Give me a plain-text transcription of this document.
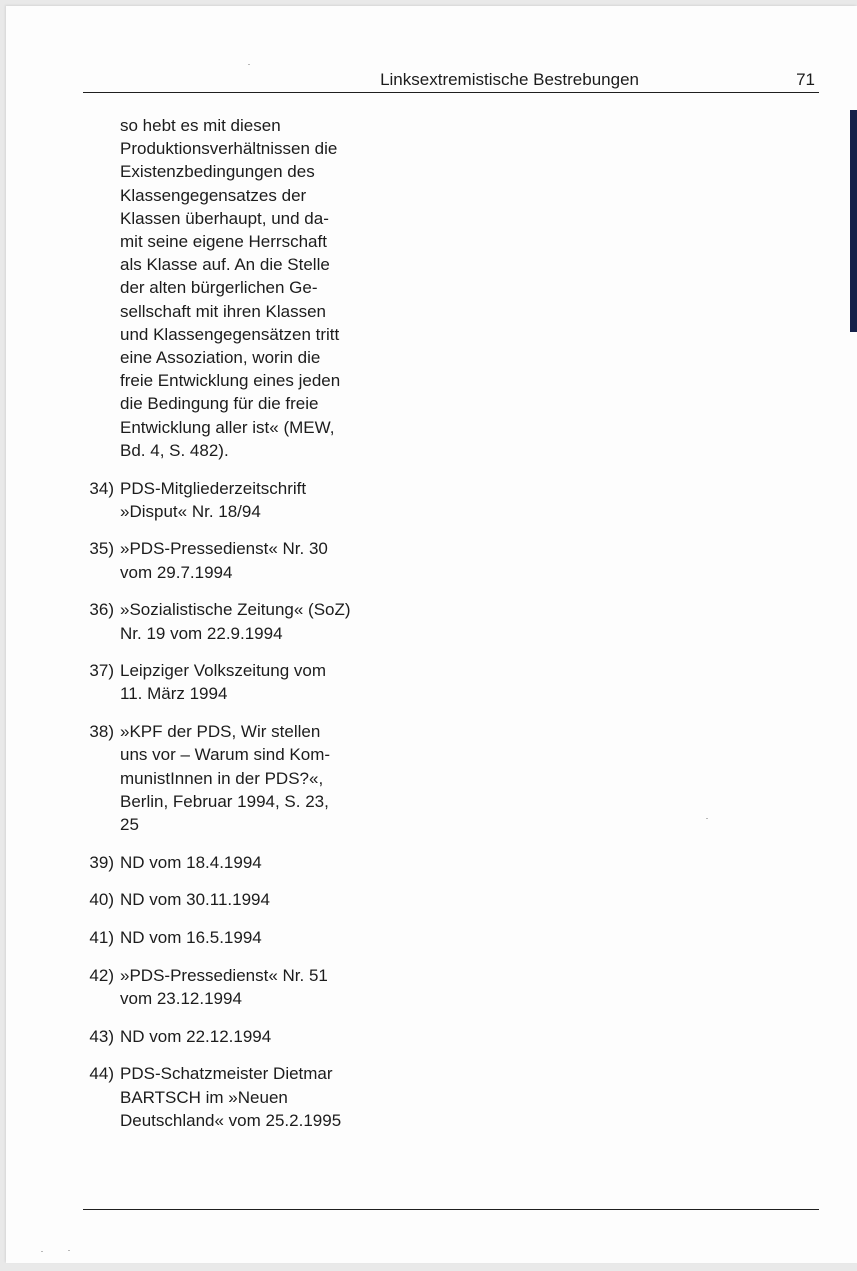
Linksextremistische Bestrebungen	71
so hebt es mit diesen
Produktionsverhältnissen die
Existenzbedingungen des
Klassengegensatzes der
Klassen überhaupt, und da-
mit seine eigene Herrschaft
als Klasse auf. An die Stelle
der alten bürgerlichen Ge-
sellschaft mit ihren Klassen
und Klassengegensätzen tritt
eine Assoziation, worin die
freie Entwicklung eines jeden
die Bedingung für die freie
Entwicklung aller ist« (MEW,
Bd. 4, S. 482).
34) PDS-Mitgliederzeitschrift
»Disput« Nr. 18/94
35) »PDS-Pressedienst« Nr. 30
vom 29.7.1994
36) »Sozialistische Zeitung« (SoZ)
Nr. 19 vom 22.9.1994
37) Leipziger Volkszeitung vom
11. März 1994
38) »KPF der PDS, Wir stellen
uns vor – Warum sind Kom-
munistInnen in der PDS?«,
Berlin, Februar 1994, S. 23,
25
39) ND vom 18.4.1994
40) ND vom 30.11.1994
41) ND vom 16.5.1994
42) »PDS-Pressedienst« Nr. 51
vom 23.12.1994
43) ND vom 22.12.1994
44) PDS-Schatzmeister Dietmar
BARTSCH im »Neuen
Deutschland« vom 25.2.1995
